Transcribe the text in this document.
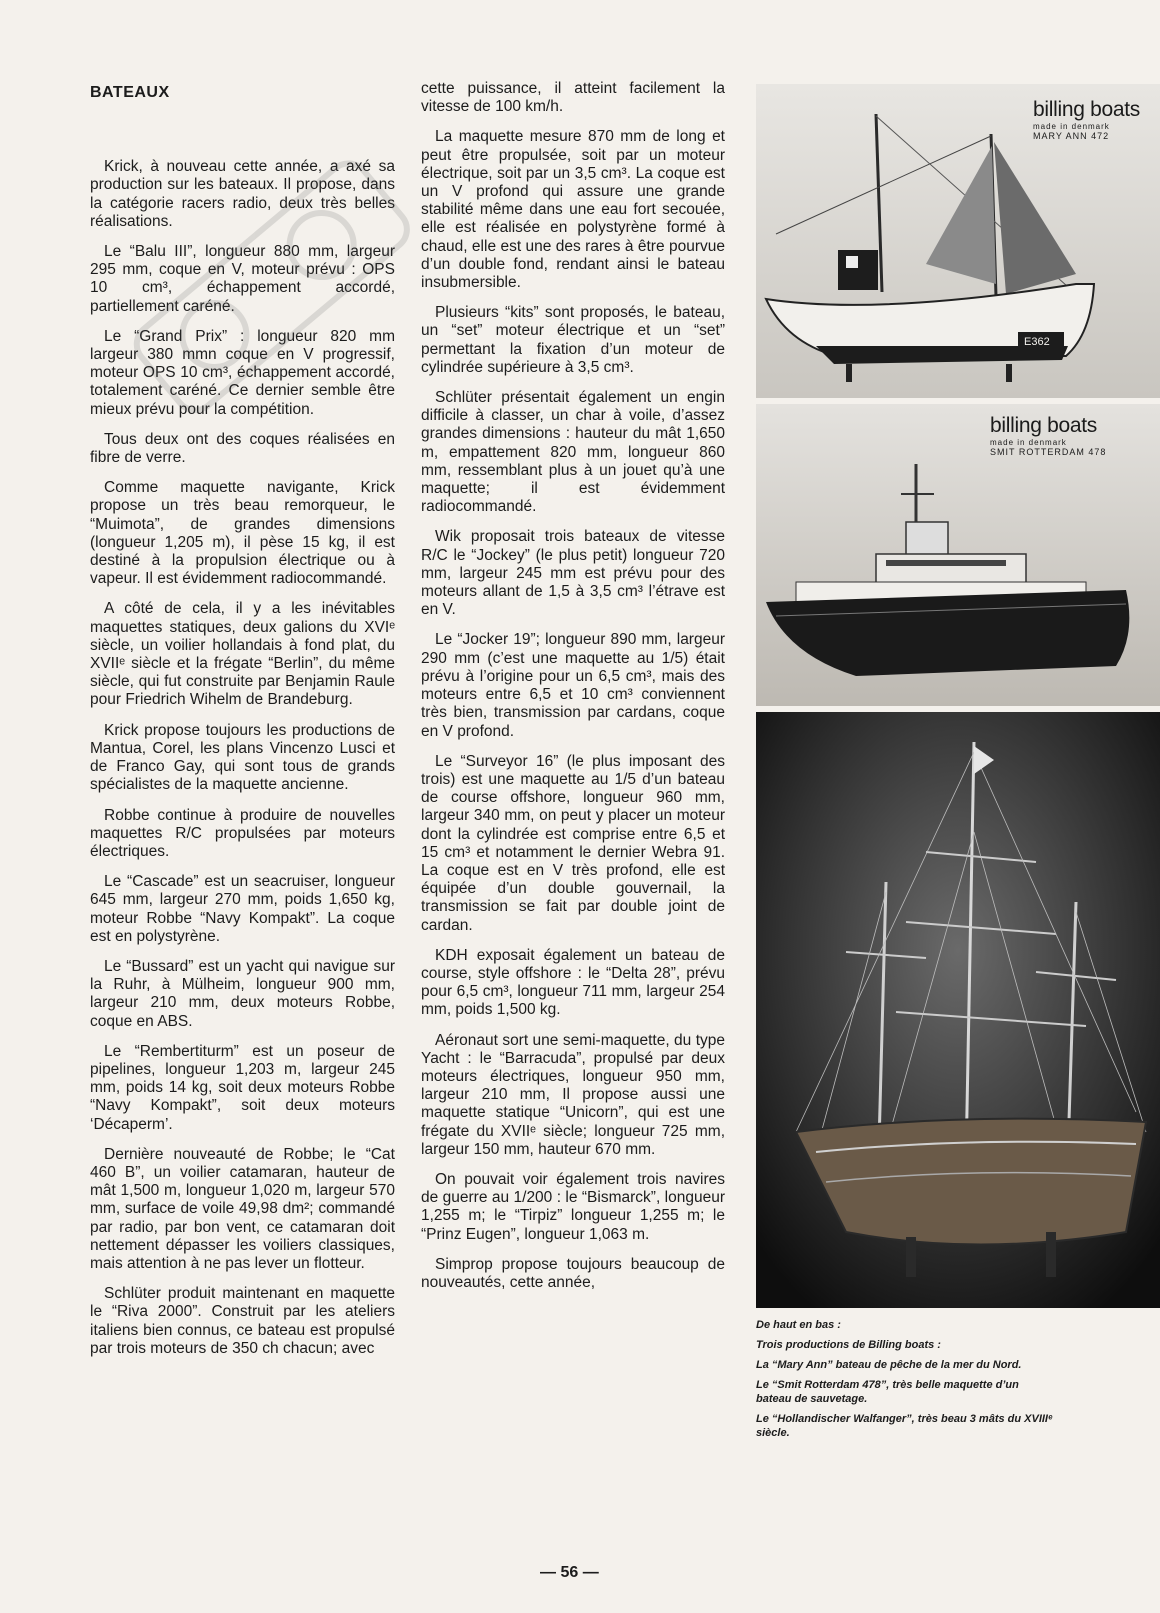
BATEAUX

Krick, à nouveau cette année, a axé sa production sur les bateaux. Il propose, dans la catégorie racers radio, deux très belles réalisations.

Le “Balu III”, longueur 880 mm, largeur 295 mm, coque en V, moteur prévu : OPS 10 cm³, échappement accordé, partiellement caréné.

Le “Grand Prix” : longueur 820 mm largeur 380 mmn coque en V progressif, moteur OPS 10 cm³, échappement accordé, totalement caréné. Ce dernier semble être mieux prévu pour la compétition.

Tous deux ont des coques réalisées en fibre de verre.

Comme maquette navigante, Krick propose un très beau remorqueur, le “Muimota”, de grandes dimensions (longueur 1,205 m), il pèse 15 kg, il est destiné à la propulsion électrique ou à vapeur. Il est évidemment radiocommandé.

A côté de cela, il y a les inévitables maquettes statiques, deux galions du XVIᵉ siècle, un voilier hollandais à fond plat, du XVIIᵉ siècle et la frégate “Berlin”, du même siècle, qui fut construite par Benjamin Raule pour Friedrich Wihelm de Brandeburg.

Krick propose toujours les productions de Mantua, Corel, les plans Vincenzo Lusci et de Franco Gay, qui sont tous de grands spécialistes de la maquette ancienne.

Robbe continue à produire de nouvelles maquettes R/C propulsées par moteurs électriques.

Le “Cascade” est un seacruiser, longueur 645 mm, largeur 270 mm, poids 1,650 kg, moteur Robbe “Navy Kompakt”. La coque est en polystyrène.

Le “Bussard” est un yacht qui navigue sur la Ruhr, à Mülheim, longueur 900 mm, largeur 210 mm, deux moteurs Robbe, coque en ABS.

Le “Rembertiturm” est un poseur de pipelines, longueur 1,203 m, largeur 245 mm, poids 14 kg, soit deux moteurs Robbe “Navy Kompakt”, soit deux moteurs ‘Décaperm’.

Dernière nouveauté de Robbe; le “Cat 460 B”, un voilier catamaran, hauteur de mât 1,500 m, longueur 1,020 m, largeur 570 mm, surface de voile 49,98 dm²; commandé par radio, par bon vent, ce catamaran doit nettement dépasser les voiliers classiques, mais attention à ne pas lever un flotteur.

Schlüter produit maintenant en maquette le “Riva 2000”. Construit par les ateliers italiens bien connus, ce bateau est propulsé par trois moteurs de 350 ch chacun; avec

cette puissance, il atteint facilement la vitesse de 100 km/h.

La maquette mesure 870 mm de long et peut être propulsée, soit par un moteur électrique, soit par un 3,5 cm³. La coque est un V profond qui assure une grande stabilité même dans une eau fort secouée, elle est réalisée en polystyrène formé à chaud, elle est une des rares à être pourvue d’un double fond, rendant ainsi le bateau insubmersible.

Plusieurs “kits” sont proposés, le bateau, un “set” moteur électrique et un “set” permettant la fixation d’un moteur de cylindrée supérieure à 3,5 cm³.

Schlüter présentait également un engin difficile à classer, un char à voile, d’assez grandes dimensions : hauteur du mât 1,650 m, empattement 820 mm, longueur 860 mm, ressemblant plus à un jouet qu’à une maquette; il est évidemment radiocommandé.

Wik proposait trois bateaux de vitesse R/C le “Jockey” (le plus petit) longueur 720 mm, largeur 245 mm est prévu pour des moteurs allant de 1,5 à 3,5 cm³ l’étrave est en V.

Le “Jocker 19”; longueur 890 mm, largeur 290 mm (c’est une maquette au 1/5) était prévu à l’origine pour un 6,5 cm³, mais des moteurs entre 6,5 et 10 cm³ conviennent très bien, transmission par cardans, coque en V profond.

Le “Surveyor 16” (le plus imposant des trois) est une maquette au 1/5 d’un bateau de course offshore, longueur 960 mm, largeur 340 mm, on peut y placer un moteur dont la cylindrée est comprise entre 6,5 et 15 cm³ et notamment le dernier Webra 91. La coque est en V très profond, elle est équipée d’un double gouvernail, la transmission se fait par double joint de cardan.

KDH exposait également un bateau de course, style offshore : le “Delta 28”, prévu pour 6,5 cm³, longueur 711 mm, largeur 254 mm, poids 1,500 kg.

Aéronaut sort une semi-maquette, du type Yacht : le “Barracuda”, propulsé par deux moteurs électriques, longueur 950 mm, largeur 210 mm, Il propose aussi une maquette statique “Unicorn”, qui est une frégate du XVIIᵉ siècle; longueur 725 mm, largeur 150 mm, hauteur 670 mm.

On pouvait voir également trois navires de guerre au 1/200 : le “Bismarck”, longueur 1,255 m; le “Tirpiz” longueur 1,255 m; le “Prinz Eugen”, longueur 1,063 m.

Simprop propose toujours beaucoup de nouveautés, cette année,

E362
billing boats
made in denmark
MARY ANN 472
billing boats
made in denmark
SMIT ROTTERDAM 478
De haut en bas :
Trois productions de Billing boats :
La “Mary Ann” bateau de pêche de la mer du Nord.
Le “Smit Rotterdam 478”, très belle maquette d’un bateau de sauvetage.
Le “Hollandischer Walfanger”, très beau 3 mâts du XVIIIᵉ siècle.
— 56 —
